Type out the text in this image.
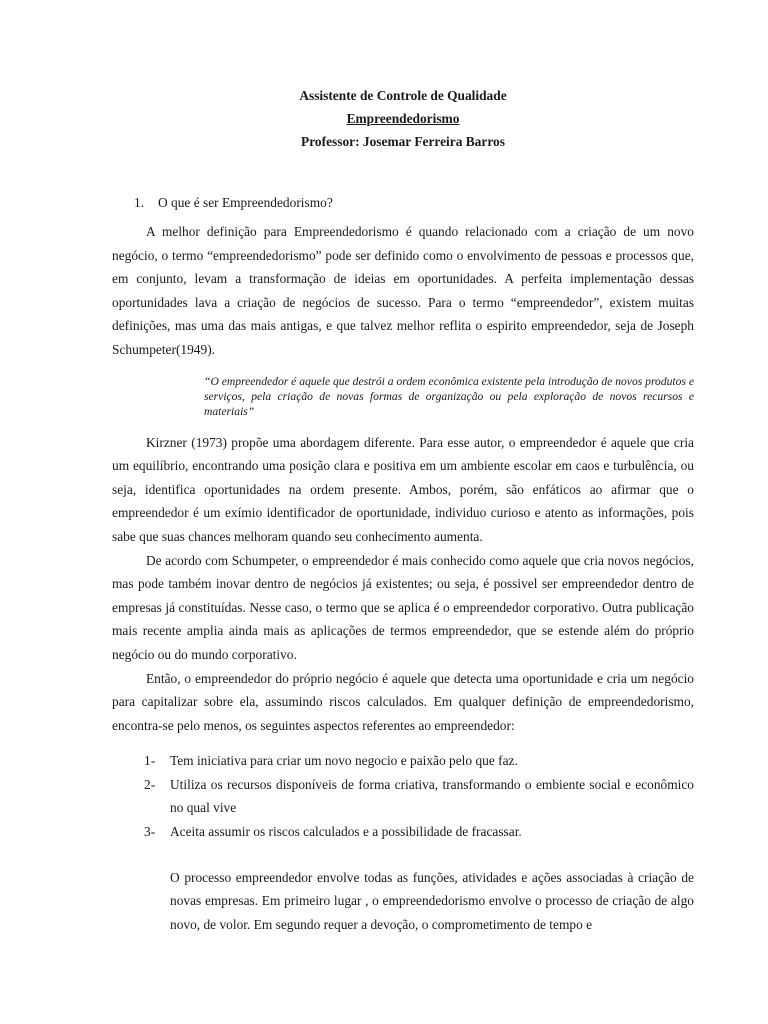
Assistente de Controle de Qualidade

Empreendedorismo

Professor: Josemar Ferreira Barros

1. O que é ser Empreendedorismo?

A melhor definição para Empreendedorismo é quando relacionado com a criação de um novo negócio, o termo “empreendedorismo” pode ser definido como o envolvimento de pessoas e processos que, em conjunto, levam a transformação de ideias em oportunidades. A perfeita implementação dessas oportunidades lava a criação de negócios de sucesso. Para o termo “empreendedor”, existem muitas definições, mas uma das mais antigas, e que talvez melhor reflita o espirito empreendedor, seja de Joseph Schumpeter(1949).

“O empreendedor é aquele que destrói a ordem econômica existente pela introdução de novos produtos e serviços, pela criação de novas formas de organização ou pela exploração de novos recursos e materiais”

Kirzner (1973) propõe uma abordagem diferente. Para esse autor, o empreendedor é aquele que cria um equilíbrio, encontrando uma posição clara e positiva em um ambiente escolar em caos e turbulência, ou seja, identifica oportunidades na ordem presente. Ambos, porém, são enfáticos ao afirmar que o empreendedor é um exímio identificador de oportunidade, individuo curioso e atento as informações, pois sabe que suas chances melhoram quando seu conhecimento aumenta.

De acordo com Schumpeter, o empreendedor é mais conhecido como aquele que cria novos negócios, mas pode também inovar dentro de negócios já existentes; ou seja, é possivel ser empreendedor dentro de empresas já constituídas. Nesse caso, o termo que se aplica é o empreendedor corporativo. Outra publicação mais recente amplia ainda mais as aplicações de termos empreendedor, que se estende além do próprio negócio ou do mundo corporativo.

Então, o empreendedor do próprio negócio é aquele que detecta uma oportunidade e cria um negócio para capitalizar sobre ela, assumindo riscos calculados. Em qualquer definição de empreendedorismo, encontra-se pelo menos, os seguintes aspectos referentes ao empreendedor:

1-	Tem iniciativa para criar um novo negocio e paixão pelo que faz.
2-	Utiliza os recursos disponíveis de forma criativa, transformando o embiente social e econômico no qual vive
3-	Aceita assumir os riscos calculados e a possibilidade de fracassar.

O processo empreendedor envolve todas as funções, atividades e ações associadas à criação de novas empresas. Em primeiro lugar , o empreendedorismo envolve o processo de criação de algo novo, de volor. Em segundo requer a devoção, o comprometimento de tempo e
